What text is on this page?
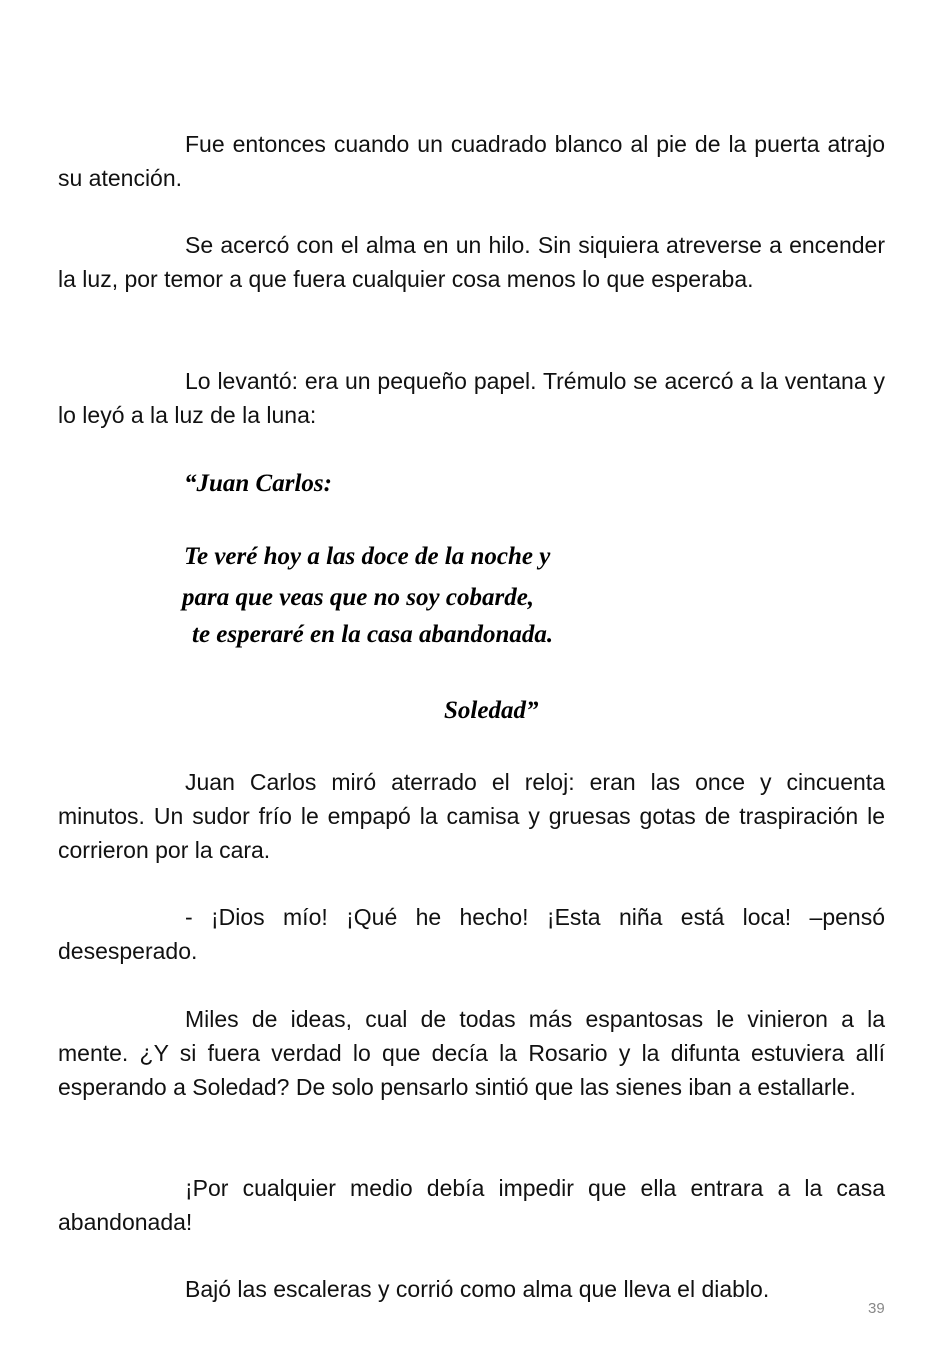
Fue entonces cuando un cuadrado blanco al pie de la puerta atrajo su atención.

Se acercó con el alma en un hilo. Sin siquiera atreverse a encender la luz, por temor a que fuera cualquier cosa menos lo que esperaba.

Lo levantó: era un pequeño papel. Trémulo se acercó a la ventana y lo leyó a la luz de la luna:

“Juan Carlos:

Te veré hoy a las doce de la noche y

para que veas que no soy cobarde,

te esperaré en la casa abandonada.

Soledad”

Juan Carlos miró aterrado el reloj: eran las once y cincuenta minutos. Un sudor frío le empapó la camisa y gruesas gotas de traspiración le corrieron por la cara.

- ¡Dios mío! ¡Qué he hecho! ¡Esta niña está loca! –pensó desesperado.

Miles de ideas, cual de todas más espantosas le vinieron a la mente. ¿Y si fuera verdad lo que decía la Rosario y la difunta estuviera allí esperando a Soledad? De solo pensarlo sintió que las sienes iban a estallarle.

¡Por cualquier medio debía impedir que ella entrara a la casa abandonada!

Bajó las escaleras y corrió como alma que lleva el diablo.

39
